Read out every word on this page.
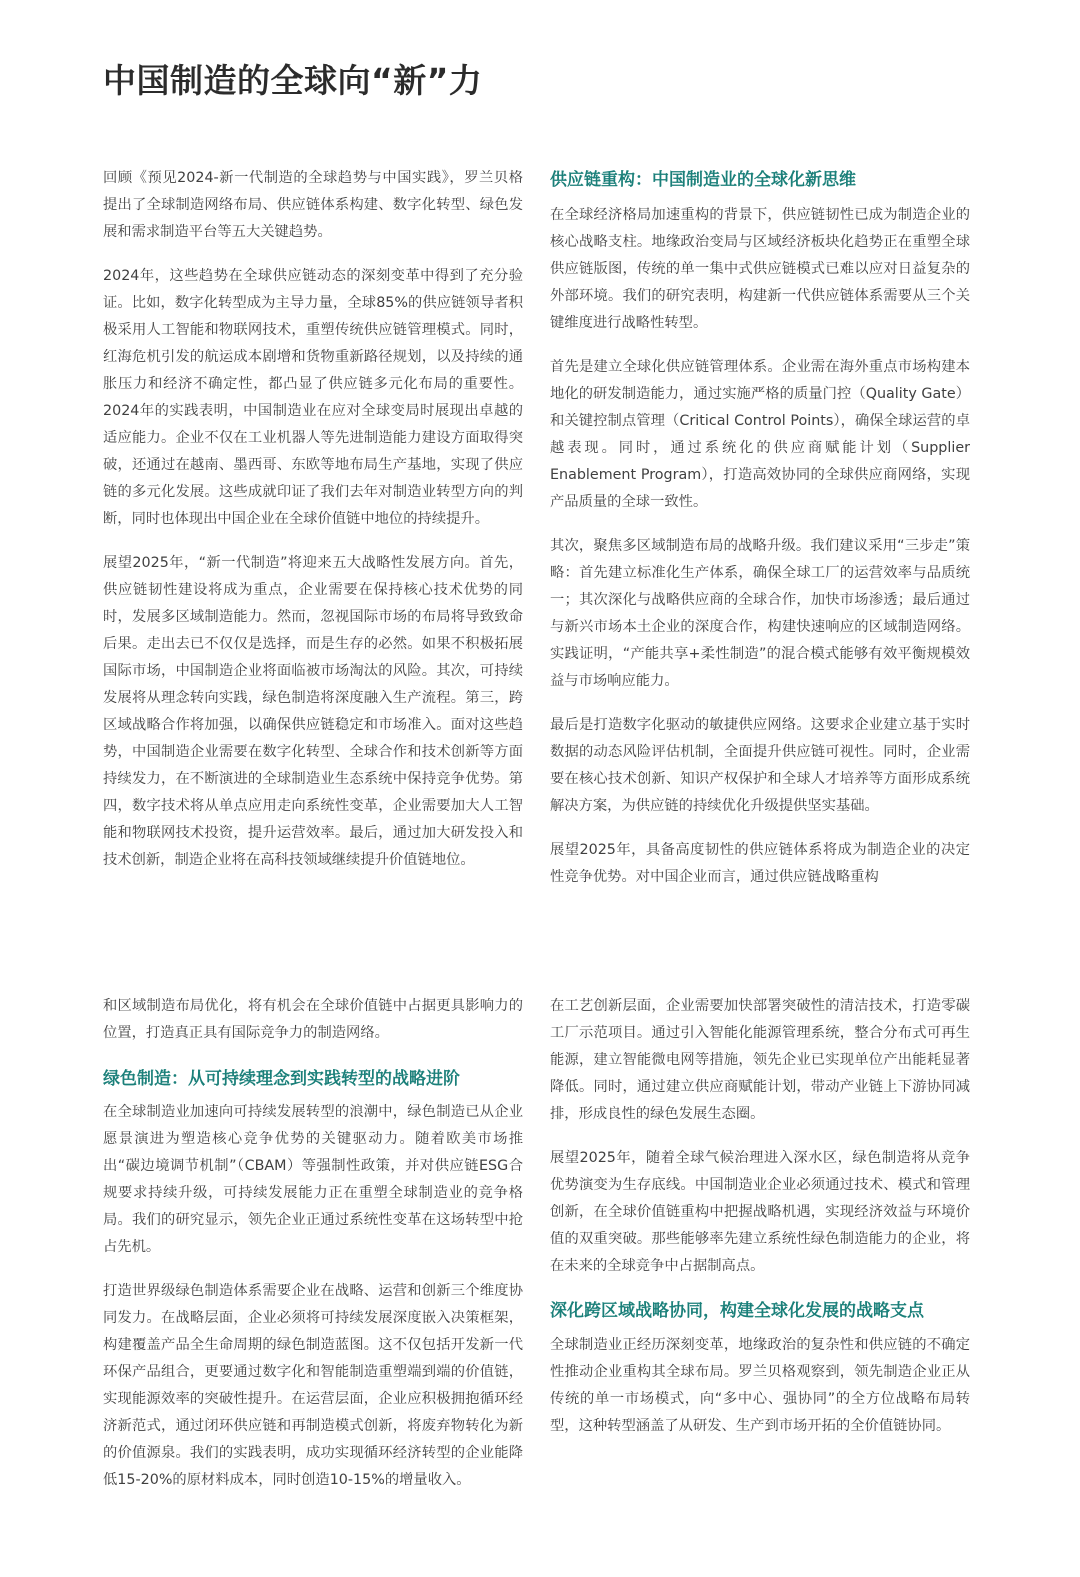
中国制造的全球向“新”力

回顾《预见2024-新一代制造的全球趋势与中国实践》，罗兰贝格提出了全球制造网络布局、供应链体系构建、数字化转型、绿色发展和需求制造平台等五大关键趋势。

2024年，这些趋势在全球供应链动态的深刻变革中得到了充分验证。比如，数字化转型成为主导力量，全球85%的供应链领导者积极采用人工智能和物联网技术，重塑传统供应链管理模式。同时，红海危机引发的航运成本剧增和货物重新路径规划，以及持续的通胀压力和经济不确定性，都凸显了供应链多元化布局的重要性。2024年的实践表明，中国制造业在应对全球变局时展现出卓越的适应能力。企业不仅在工业机器人等先进制造能力建设方面取得突破，还通过在越南、墨西哥、东欧等地布局生产基地，实现了供应链的多元化发展。这些成就印证了我们去年对制造业转型方向的判断，同时也体现出中国企业在全球价值链中地位的持续提升。

展望2025年，“新一代制造”将迎来五大战略性发展方向。首先，供应链韧性建设将成为重点，企业需要在保持核心技术优势的同时，发展多区域制造能力。然而，忽视国际市场的布局将导致致命后果。走出去已不仅仅是选择，而是生存的必然。如果不积极拓展国际市场，中国制造企业将面临被市场淘汰的风险。其次，可持续发展将从理念转向实践，绿色制造将深度融入生产流程。第三，跨区域战略合作将加强，以确保供应链稳定和市场准入。面对这些趋势，中国制造企业需要在数字化转型、全球合作和技术创新等方面持续发力，在不断演进的全球制造业生态系统中保持竞争优势。第四，数字技术将从单点应用走向系统性变革，企业需要加大人工智能和物联网技术投资，提升运营效率。最后，通过加大研发投入和技术创新，制造企业将在高科技领域继续提升价值链地位。

供应链重构：中国制造业的全球化新思维

在全球经济格局加速重构的背景下，供应链韧性已成为制造企业的核心战略支柱。地缘政治变局与区域经济板块化趋势正在重塑全球供应链版图，传统的单一集中式供应链模式已难以应对日益复杂的外部环境。我们的研究表明，构建新一代供应链体系需要从三个关键维度进行战略性转型。

首先是建立全球化供应链管理体系。企业需在海外重点市场构建本地化的研发制造能力，通过实施严格的质量门控（Quality Gate）和关键控制点管理（Critical Control Points），确保全球运营的卓越表现。同时，通过系统化的供应商赋能计划（Supplier Enablement Program），打造高效协同的全球供应商网络，实现产品质量的全球一致性。

其次，聚焦多区域制造布局的战略升级。我们建议采用“三步走”策略：首先建立标准化生产体系，确保全球工厂的运营效率与品质统一；其次深化与战略供应商的全球合作，加快市场渗透；最后通过与新兴市场本土企业的深度合作，构建快速响应的区域制造网络。实践证明，“产能共享+柔性制造”的混合模式能够有效平衡规模效益与市场响应能力。

最后是打造数字化驱动的敏捷供应网络。这要求企业建立基于实时数据的动态风险评估机制，全面提升供应链可视性。同时，企业需要在核心技术创新、知识产权保护和全球人才培养等方面形成系统解决方案，为供应链的持续优化升级提供坚实基础。

展望2025年，具备高度韧性的供应链体系将成为制造企业的决定性竞争优势。对中国企业而言，通过供应链战略重构

和区域制造布局优化，将有机会在全球价值链中占据更具影响力的位置，打造真正具有国际竞争力的制造网络。

绿色制造：从可持续理念到实践转型的战略进阶

在全球制造业加速向可持续发展转型的浪潮中，绿色制造已从企业愿景演进为塑造核心竞争优势的关键驱动力。随着欧美市场推出“碳边境调节机制”（CBAM）等强制性政策，并对供应链ESG合规要求持续升级，可持续发展能力正在重塑全球制造业的竞争格局。我们的研究显示，领先企业正通过系统性变革在这场转型中抢占先机。

打造世界级绿色制造体系需要企业在战略、运营和创新三个维度协同发力。在战略层面，企业必须将可持续发展深度嵌入决策框架，构建覆盖产品全生命周期的绿色制造蓝图。这不仅包括开发新一代环保产品组合，更要通过数字化和智能制造重塑端到端的价值链，实现能源效率的突破性提升。在运营层面，企业应积极拥抱循环经济新范式，通过闭环供应链和再制造模式创新，将废弃物转化为新的价值源泉。我们的实践表明，成功实现循环经济转型的企业能降低15-20%的原材料成本，同时创造10-15%的增量收入。

在工艺创新层面，企业需要加快部署突破性的清洁技术，打造零碳工厂示范项目。通过引入智能化能源管理系统，整合分布式可再生能源，建立智能微电网等措施，领先企业已实现单位产出能耗显著降低。同时，通过建立供应商赋能计划，带动产业链上下游协同减排，形成良性的绿色发展生态圈。

展望2025年，随着全球气候治理进入深水区，绿色制造将从竞争优势演变为生存底线。中国制造业企业必须通过技术、模式和管理创新，在全球价值链重构中把握战略机遇，实现经济效益与环境价值的双重突破。那些能够率先建立系统性绿色制造能力的企业，将在未来的全球竞争中占据制高点。

深化跨区域战略协同，构建全球化发展的战略支点

全球制造业正经历深刻变革，地缘政治的复杂性和供应链的不确定性推动企业重构其全球布局。罗兰贝格观察到，领先制造企业正从传统的单一市场模式，向“多中心、强协同”的全方位战略布局转型，这种转型涵盖了从研发、生产到市场开拓的全价值链协同。
